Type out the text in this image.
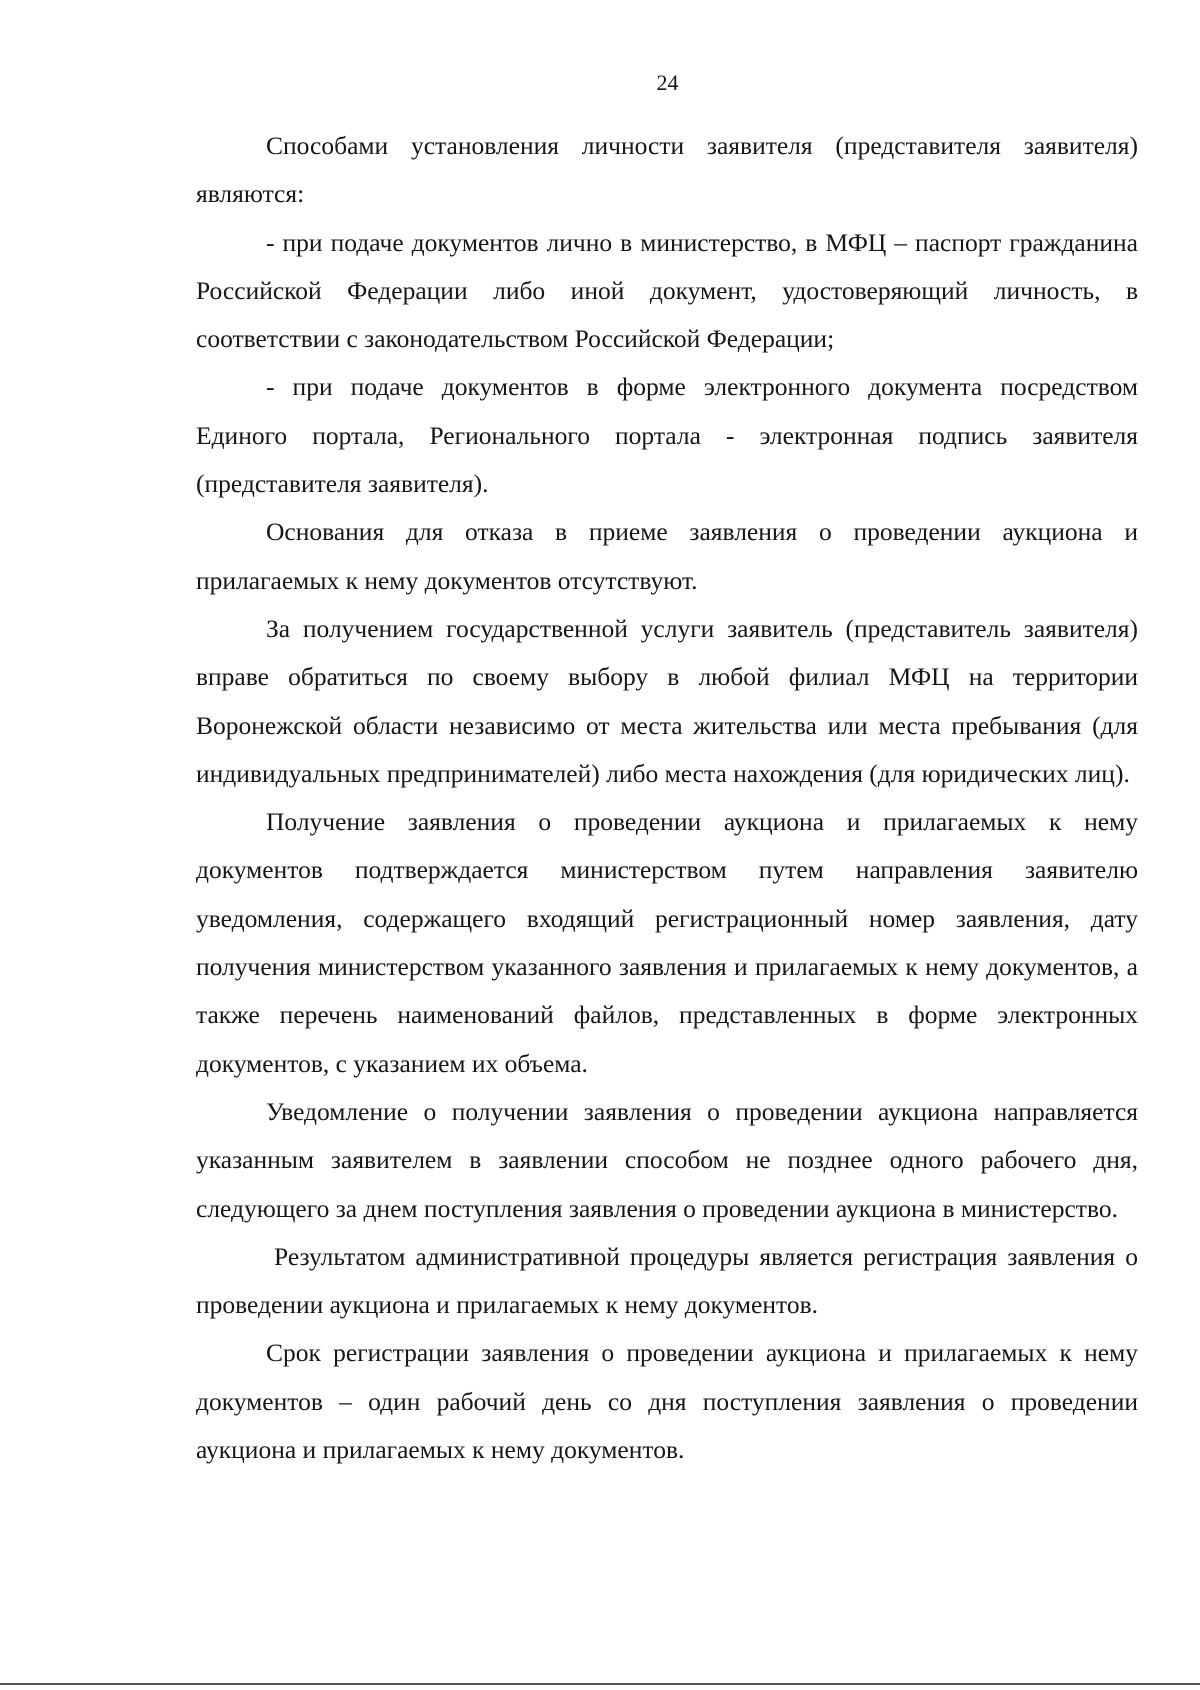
24

Способами установления личности заявителя (представителя заявителя) являются:

- при подаче документов лично в министерство, в МФЦ – паспорт гражданина Российской Федерации либо иной документ, удостоверяющий личность, в соответствии с законодательством Российской Федерации;

- при подаче документов в форме электронного документа посредством Единого портала, Регионального портала - электронная подпись заявителя (представителя заявителя).

Основания для отказа в приеме заявления о проведении аукциона и прилагаемых к нему документов отсутствуют.

За получением государственной услуги заявитель (представитель заявителя) вправе обратиться по своему выбору в любой филиал МФЦ на территории Воронежской области независимо от места жительства или места пребывания (для индивидуальных предпринимателей) либо места нахождения (для юридических лиц).

Получение заявления о проведении аукциона и прилагаемых к нему документов подтверждается министерством путем направления заявителю уведомления, содержащего входящий регистрационный номер заявления, дату получения министерством указанного заявления и прилагаемых к нему документов, а также перечень наименований файлов, представленных в форме электронных документов, с указанием их объема.

Уведомление о получении заявления о проведении аукциона направляется указанным заявителем в заявлении способом не позднее одного рабочего дня, следующего за днем поступления заявления о проведении аукциона в министерство.

Результатом административной процедуры является регистрация заявления о проведении аукциона и прилагаемых к нему документов.

Срок регистрации заявления о проведении аукциона и прилагаемых к нему документов – один рабочий день со дня поступления заявления о проведении аукциона и прилагаемых к нему документов.
